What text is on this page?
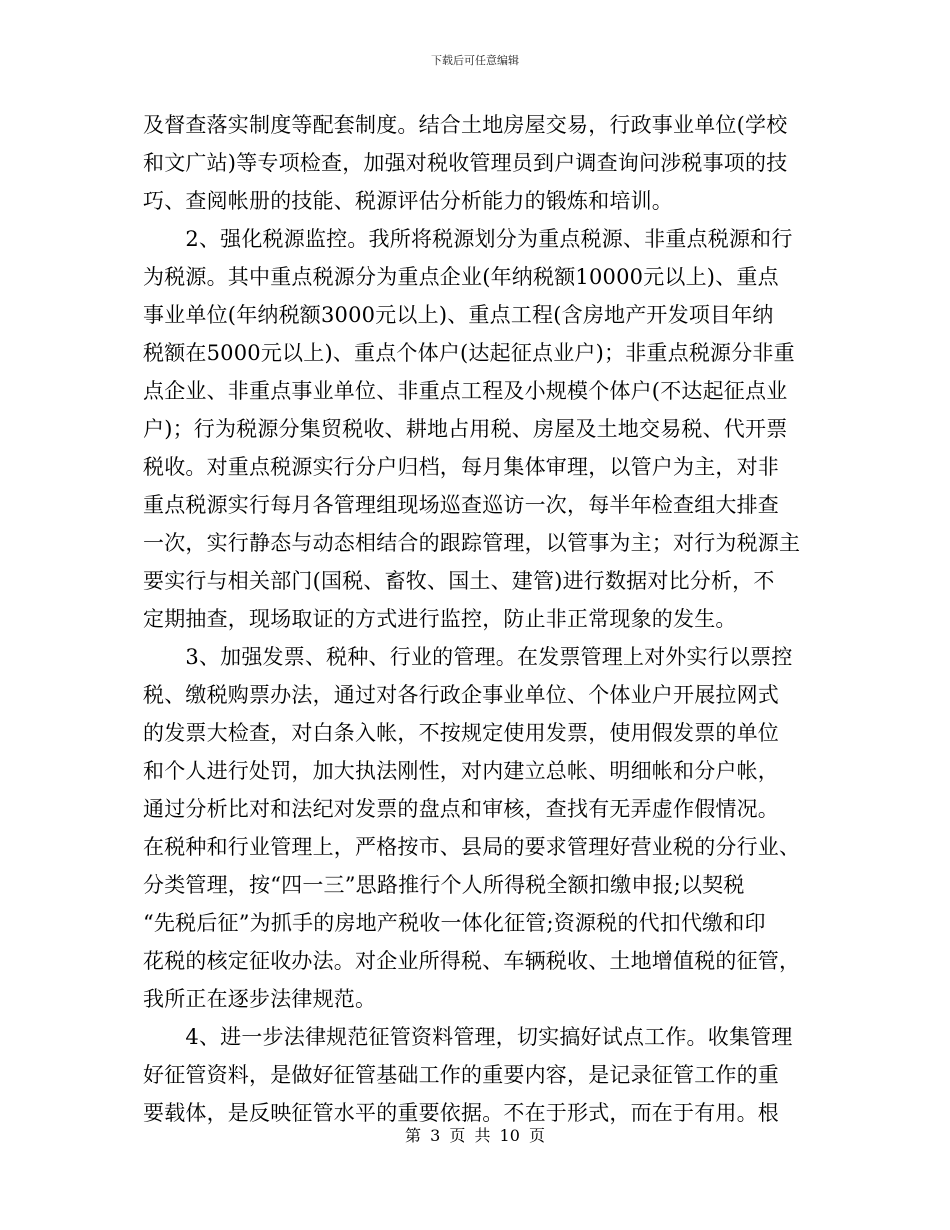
下载后可任意编辑
及督查落实制度等配套制度。结合土地房屋交易，行政事业单位(学校
和文广站)等专项检查，加强对税收管理员到户调查询问涉税事项的技
巧、查阅帐册的技能、税源评估分析能力的锻炼和培训。
　　2、强化税源监控。我所将税源划分为重点税源、非重点税源和行
为税源。其中重点税源分为重点企业(年纳税额10000元以上)、重点
事业单位(年纳税额3000元以上)、重点工程(含房地产开发项目年纳
税额在5000元以上)、重点个体户(达起征点业户)；非重点税源分非重
点企业、非重点事业单位、非重点工程及小规模个体户(不达起征点业
户)；行为税源分集贸税收、耕地占用税、房屋及土地交易税、代开票
税收。对重点税源实行分户归档，每月集体审理，以管户为主，对非
重点税源实行每月各管理组现场巡查巡访一次，每半年检查组大排查
一次，实行静态与动态相结合的跟踪管理，以管事为主；对行为税源主
要实行与相关部门(国税、畜牧、国土、建管)进行数据对比分析，不
定期抽查，现场取证的方式进行监控，防止非正常现象的发生。
　　3、加强发票、税种、行业的管理。在发票管理上对外实行以票控
税、缴税购票办法，通过对各行政企事业单位、个体业户开展拉网式
的发票大检查，对白条入帐，不按规定使用发票，使用假发票的单位
和个人进行处罚，加大执法刚性，对内建立总帐、明细帐和分户帐，
通过分析比对和法纪对发票的盘点和审核，查找有无弄虚作假情况。
在税种和行业管理上，严格按市、县局的要求管理好营业税的分行业、
分类管理，按“四一三”思路推行个人所得税全额扣缴申报;以契税
“先税后征”为抓手的房地产税收一体化征管;资源税的代扣代缴和印
花税的核定征收办法。对企业所得税、车辆税收、土地增值税的征管，
我所正在逐步法律规范。
　　4、进一步法律规范征管资料管理，切实搞好试点工作。收集管理
好征管资料，是做好征管基础工作的重要内容，是记录征管工作的重
要载体，是反映征管水平的重要依据。不在于形式，而在于有用。根
第 3 页 共 10 页
